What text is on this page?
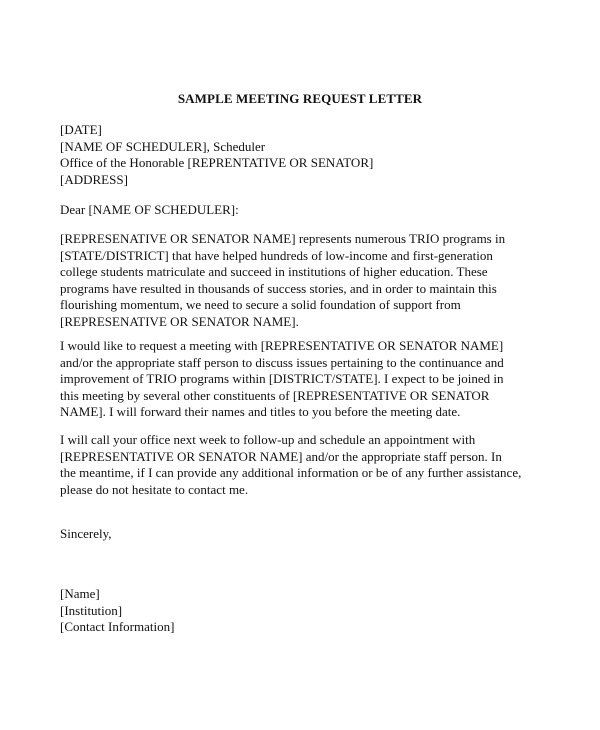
SAMPLE MEETING REQUEST LETTER
[DATE]
[NAME OF SCHEDULER], Scheduler
Office of the Honorable [REPRENTATIVE OR SENATOR]
[ADDRESS]
Dear [NAME OF SCHEDULER]:
[REPRESENATIVE OR SENATOR NAME] represents numerous TRIO programs in
[STATE/DISTRICT] that have helped hundreds of low-income and first-generation
college students matriculate and succeed in institutions of higher education. These
programs have resulted in thousands of success stories, and in order to maintain this
flourishing momentum, we need to secure a solid foundation of support from
[REPRESENATIVE OR SENATOR NAME].
I would like to request a meeting with [REPRESENTATIVE OR SENATOR NAME]
and/or the appropriate staff person to discuss issues pertaining to the continuance and
improvement of TRIO programs within [DISTRICT/STATE]. I expect to be joined in
this meeting by several other constituents of [REPRESENTATIVE OR SENATOR
NAME]. I will forward their names and titles to you before the meeting date.
I will call your office next week to follow-up and schedule an appointment with
[REPRESENTATIVE OR SENATOR NAME] and/or the appropriate staff person. In
the meantime, if I can provide any additional information or be of any further assistance,
please do not hesitate to contact me.
Sincerely,
[Name]
[Institution]
[Contact Information]
